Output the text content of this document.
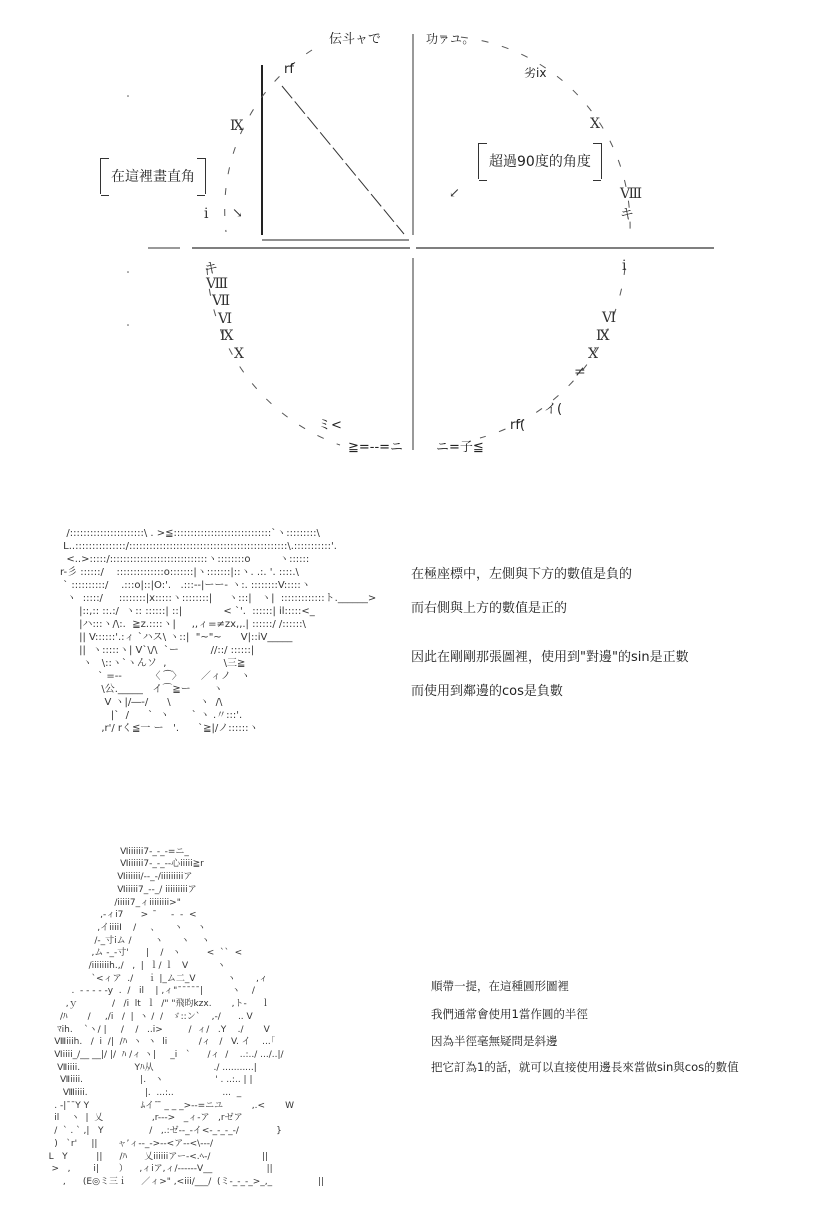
伝斗ャで	功ァユ。
rf	劣ix
Ⅸ
i ↘
↙
Ⅹ
Ⅷ
キ
在這裡畫直角
超過90度的角度
キ
Ⅷ
Ⅶ
Ⅵ
Ⅸ
Ⅹ
i
Ⅵ
Ⅸ
Ⅹ
≠
ミ<
イ(
rf(
≧=--=ニ	ニ=子≦

/::::::::::::::::::::::\ . >≦:::::::::::::::::::::::::::::`ヽ:::::::::\
L..:::::::::::::::/:::::::::::::::::::::::::::::::::::::::::::::::\.:::::::::::'.
<..>:::::/:::::::::::::::::::::::::::::ヽ::::::::o         ヽ::::::
r-彡 ::::::/    ::::::::::::::o:::::::|ヽ:::::::|::ヽ. .:. '. ::::.\
` ::::::::::/    .:::o|::|O:'.   .:::--|ーー‐ ヽ:. ::::::::V:::::ヽ
ヽ  :::::/     ::::::::|x:::::ヽ::::::::|     ヽ:::|   ヽ|  :::::::::::::ト.______>
|::,:: ::.:/  ヽ:: ::::::| ::|             < `'.  ::::::| il:::::<_
|ハ:::ヽ/\:.  ≧z.::::ヽ|     ,,ィ=≠zx,,.| ::::::/ /::::::\
|| V::::::'.:ィ `ハス\ ヽ::|  "~"~      V|::iV_____
||  ヽ:::::ヽ| V`\/\  `ー          //::/ ::::::|
ヽ   \::ヽ`ヽんソ  ,                  \三≧
` =--         〈 ⁀〉      ／ィノ   ヽ
\公._____   イ⌒≧ー       ヽ
V ヽ|/―-/      \         ヽ  /\
|`  /      `  ヽ       ` ヽ .〃:::'.
,r'/ rく≦一 ー   '.      `≧|/ノ::::::ヽ

在極座標中，左側與下方的數值是負的
而右側與上方的數值是正的
因此在剛剛那張圖裡，使用到"對邊"的sin是正數
而使用到鄰邊的cos是負數

Ⅵiiiiii7-_-_-=ニ_
Ⅵiiiiii7-_-_--心iiiii≧r
Ⅵiiiiii/--_-/iiiiiiiiiア
Ⅵiiiii7_--_/ iiiiiiiiiア
/iiiii7_ィiiiiiiii>"
,-ィi7      >   ̄     -  -  <
,イiiiiI    /     、     ヽ     ヽ
/-_寸iム /        ヽ      ヽ    ヽ
,ム -_-寸'      |    /   ヽ         <  ``  <
/iiiiiiih.,/   ,  |  ｌ/ ｌ   V          ヽ
`<ィア  ./     ｉ |_ム二_V           ヽ       ,ィ
.  - - - - -y  .  /   il    | ,ィ"¯¯¯¯¯|          ヽ    /
,ｙ            /   /i  lt  ｌ  /" "飛昀kzx.       ,ト-     ｌ
/ﾊ       /     ,/i   /  |  ヽ /  /   ゞ::ン`    ,-/      .. V
ﾏih.    `ヽ/ |     /    /   ..i>         /  ィ/   .Y    ./       V
Ⅷiiih.   /  i  /|  /ﾊ  ヽ  ヽ  li           /ィ   /   V. イ    ...｢
Ⅵiiii_/__ __|/ |/  ﾊ /ィ ヽ|     _i   `      /ィ  /    ..:../ .../..|/
Ⅶiiii.                   Yﾊ从                     ./ ...........|
Ⅶiiii.                    |.   ヽ                  ' . ..:.. | |
Ⅷiiii.                    |.  ...:..                 ...  _
. -|¯¯Y Y                  ﾑイ¯ ̄ _ _ _>--=ニユ          ,.<       W
il    ヽ  |  乂                 ,r--->   _ィ-ア   ,rゼア
/  ` . ` ,|   Y                /   ,.:ゼ--_-イ<-_-_-_-/             }
)   `r'     ||       ャ’ィ--_->--<ア--<\---/
L   Y          ||      /ﾊ      乂iiiiiiアー-<.ﾍ-/                  ||
>   ,        i|       ）    ,ィiア,ィ/------V__                   ||
,      (E◎ミ三ｉ     ／ィ>" ,<iii/___/  (ミ-_-_-_>_,_                ||

順帶一提，在這種圓形圖裡
我們通常會使用1當作圓的半徑
因為半徑毫無疑問是斜邊
把它訂為1的話，就可以直接使用邊長來當做sin與cos的數值
